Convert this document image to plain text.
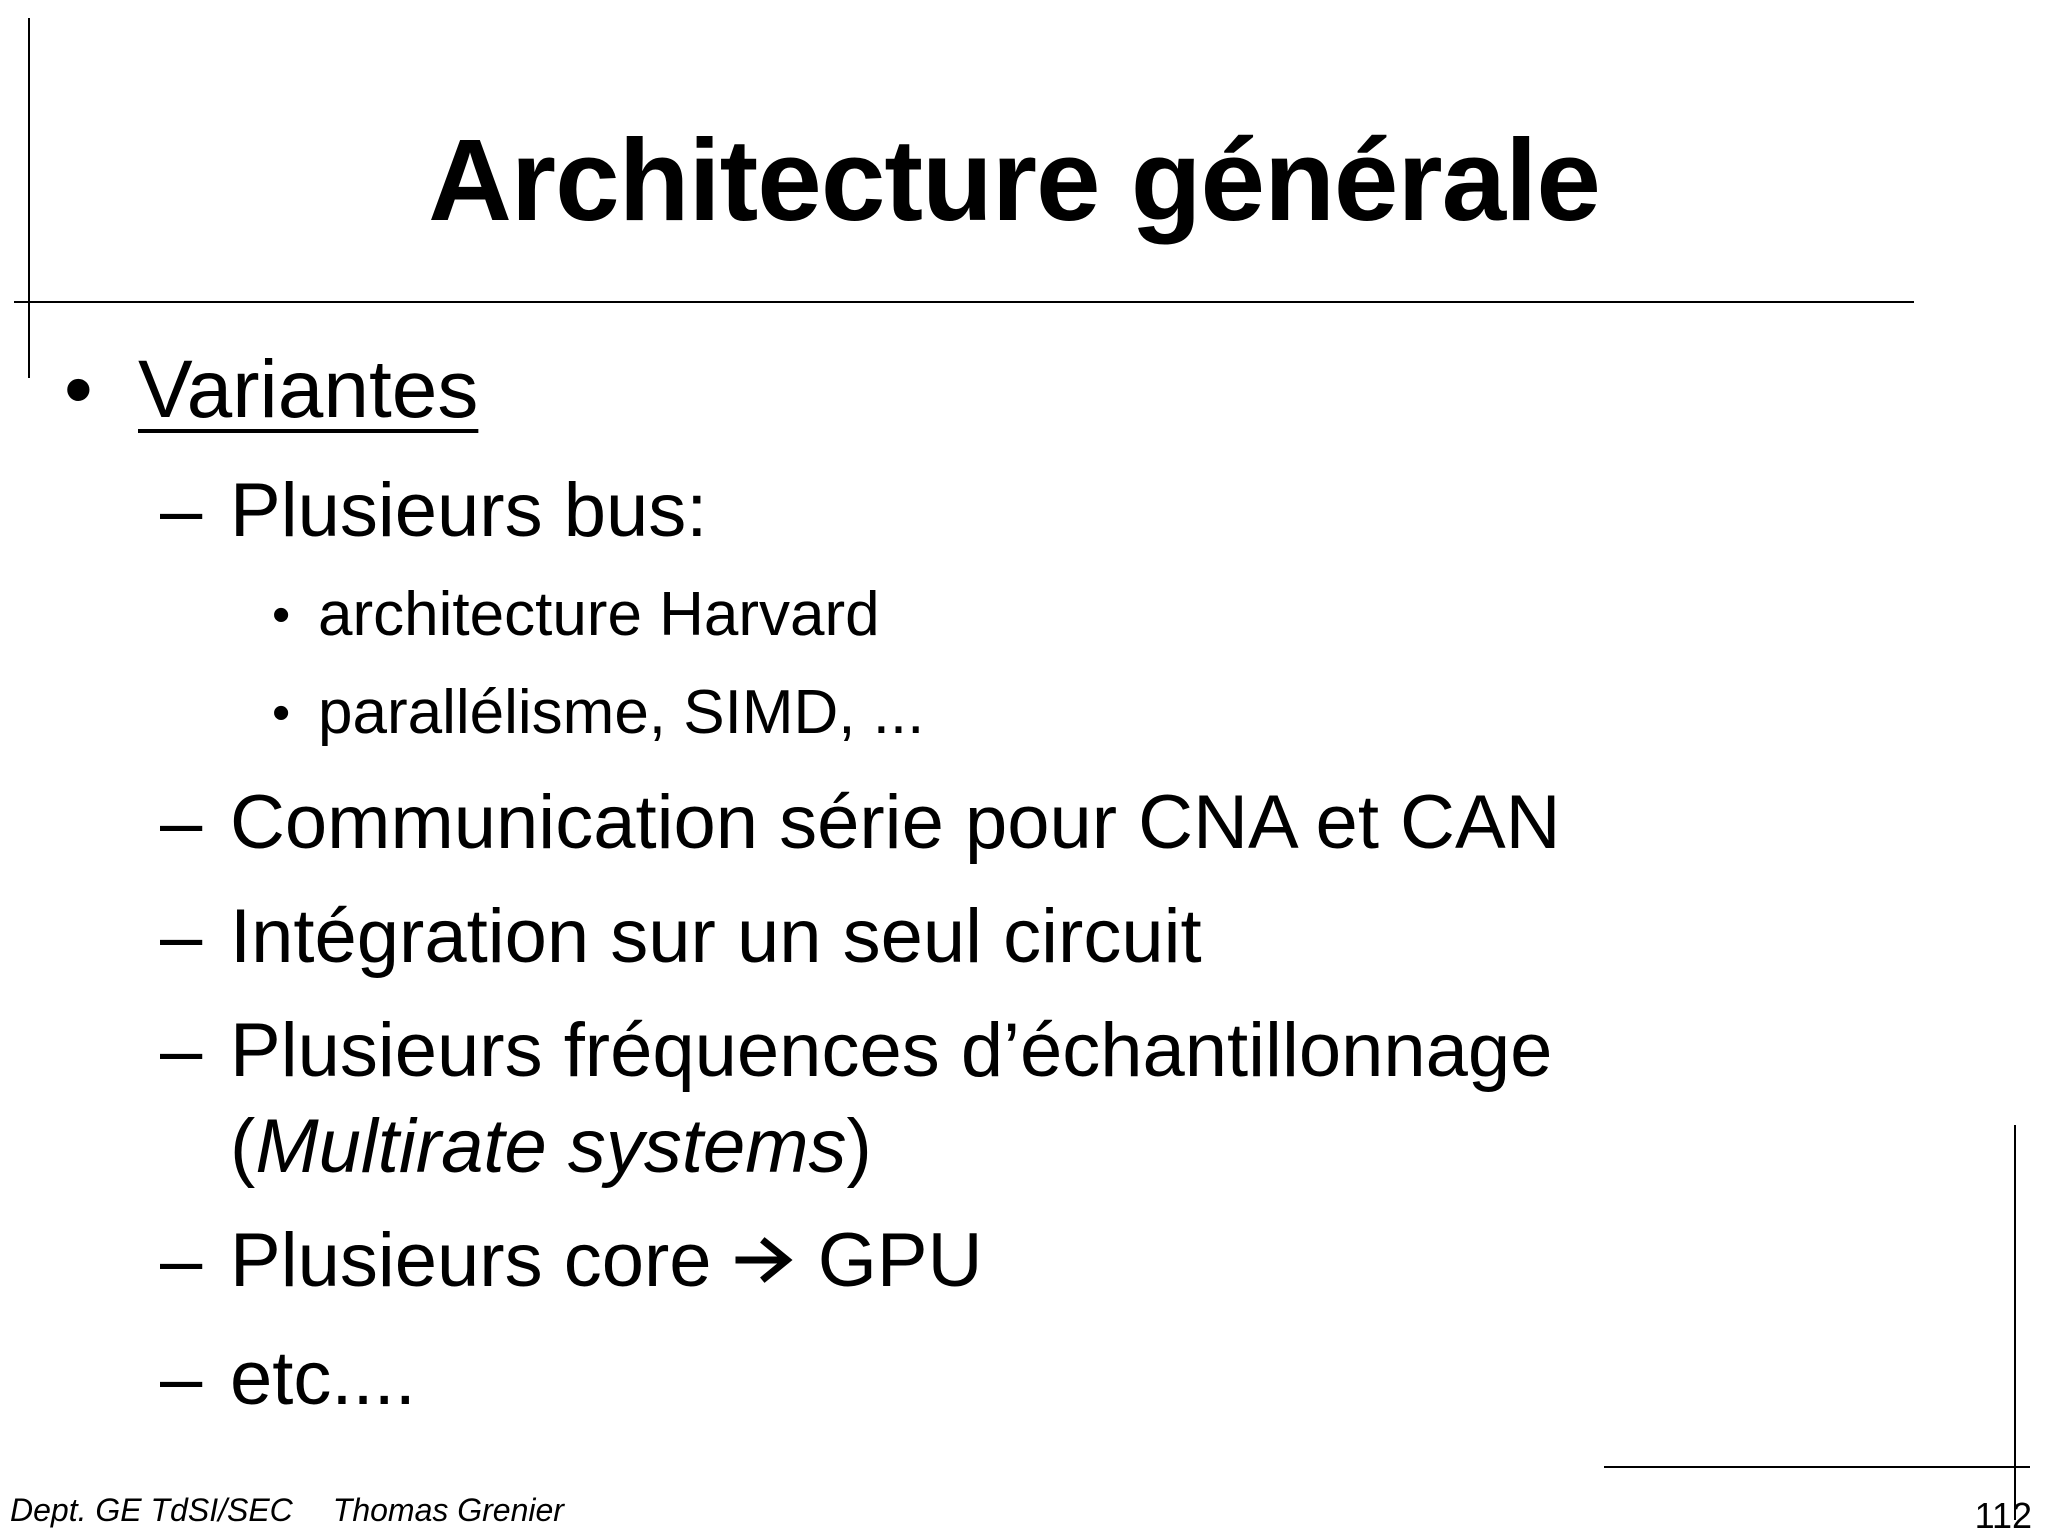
Architecture générale
• Variantes
– Plusieurs bus:
• architecture Harvard
• parallélisme, SIMD, ...
– Communication série pour CNA et CAN
– Intégration sur un seul circuit
– Plusieurs fréquences d’échantillonnage
(Multirate systems)
– Plusieurs core  GPU
– etc....
Dept. GE TdSI/SEC Thomas Grenier	112
